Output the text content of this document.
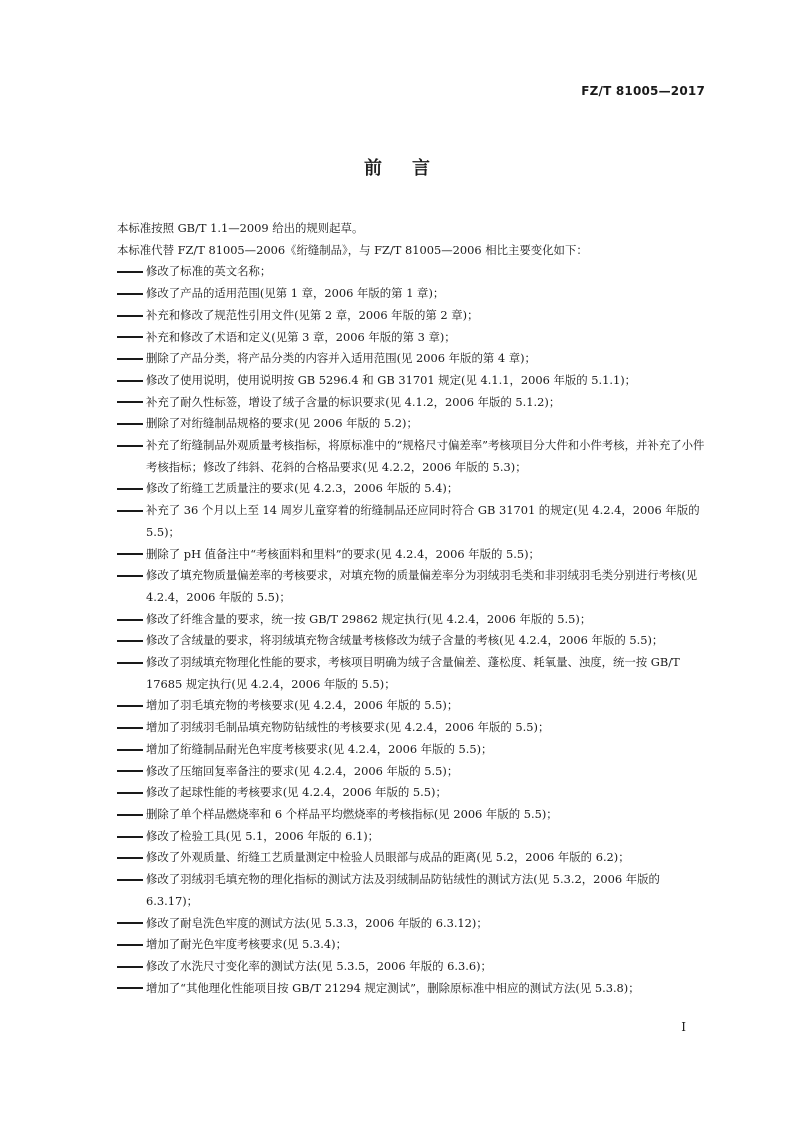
FZ/T 81005—2017
前言

本标准按照 GB/T 1.1—2009 给出的规则起草。

本标准代替 FZ/T 81005—2006《绗缝制品》，与 FZ/T 81005—2006 相比主要变化如下：

修改了标准的英文名称；

修改了产品的适用范围(见第 1 章，2006 年版的第 1 章)；

补充和修改了规范性引用文件(见第 2 章，2006 年版的第 2 章)；

补充和修改了术语和定义(见第 3 章，2006 年版的第 3 章)；

删除了产品分类，将产品分类的内容并入适用范围(见 2006 年版的第 4 章)；

修改了使用说明，使用说明按 GB 5296.4 和 GB 31701 规定(见 4.1.1，2006 年版的 5.1.1)；

补充了耐久性标签，增设了绒子含量的标识要求(见 4.1.2，2006 年版的 5.1.2)；

删除了对绗缝制品规格的要求(见 2006 年版的 5.2)；

补充了绗缝制品外观质量考核指标，将原标准中的“规格尺寸偏差率”考核项目分大件和小件考核，并补充了小件考核指标；修改了纬斜、花斜的合格品要求(见 4.2.2，2006 年版的 5.3)；

修改了绗缝工艺质量注的要求(见 4.2.3，2006 年版的 5.4)；

补充了 36 个月以上至 14 周岁儿童穿着的绗缝制品还应同时符合 GB 31701 的规定(见 4.2.4，2006 年版的 5.5)；

删除了 pH 值备注中“考核面料和里料”的要求(见 4.2.4，2006 年版的 5.5)；

修改了填充物质量偏差率的考核要求，对填充物的质量偏差率分为羽绒羽毛类和非羽绒羽毛类分别进行考核(见 4.2.4，2006 年版的 5.5)；

修改了纤维含量的要求，统一按 GB/T 29862 规定执行(见 4.2.4，2006 年版的 5.5)；

修改了含绒量的要求，将羽绒填充物含绒量考核修改为绒子含量的考核(见 4.2.4，2006 年版的 5.5)；

修改了羽绒填充物理化性能的要求，考核项目明确为绒子含量偏差、蓬松度、耗氧量、浊度，统一按 GB/T 17685 规定执行(见 4.2.4，2006 年版的 5.5)；

增加了羽毛填充物的考核要求(见 4.2.4，2006 年版的 5.5)；

增加了羽绒羽毛制品填充物防钻绒性的考核要求(见 4.2.4，2006 年版的 5.5)；

增加了绗缝制品耐光色牢度考核要求(见 4.2.4，2006 年版的 5.5)；

修改了压缩回复率备注的要求(见 4.2.4，2006 年版的 5.5)；

修改了起球性能的考核要求(见 4.2.4，2006 年版的 5.5)；

删除了单个样品燃烧率和 6 个样品平均燃烧率的考核指标(见 2006 年版的 5.5)；

修改了检验工具(见 5.1，2006 年版的 6.1)；

修改了外观质量、绗缝工艺质量测定中检验人员眼部与成品的距离(见 5.2，2006 年版的 6.2)；

修改了羽绒羽毛填充物的理化指标的测试方法及羽绒制品防钻绒性的测试方法(见 5.3.2，2006 年版的 6.3.17)；

修改了耐皂洗色牢度的测试方法(见 5.3.3，2006 年版的 6.3.12)；

增加了耐光色牢度考核要求(见 5.3.4)；

修改了水洗尺寸变化率的测试方法(见 5.3.5，2006 年版的 6.3.6)；

增加了“其他理化性能项目按 GB/T 21294 规定测试”，删除原标准中相应的测试方法(见 5.3.8)；

I
